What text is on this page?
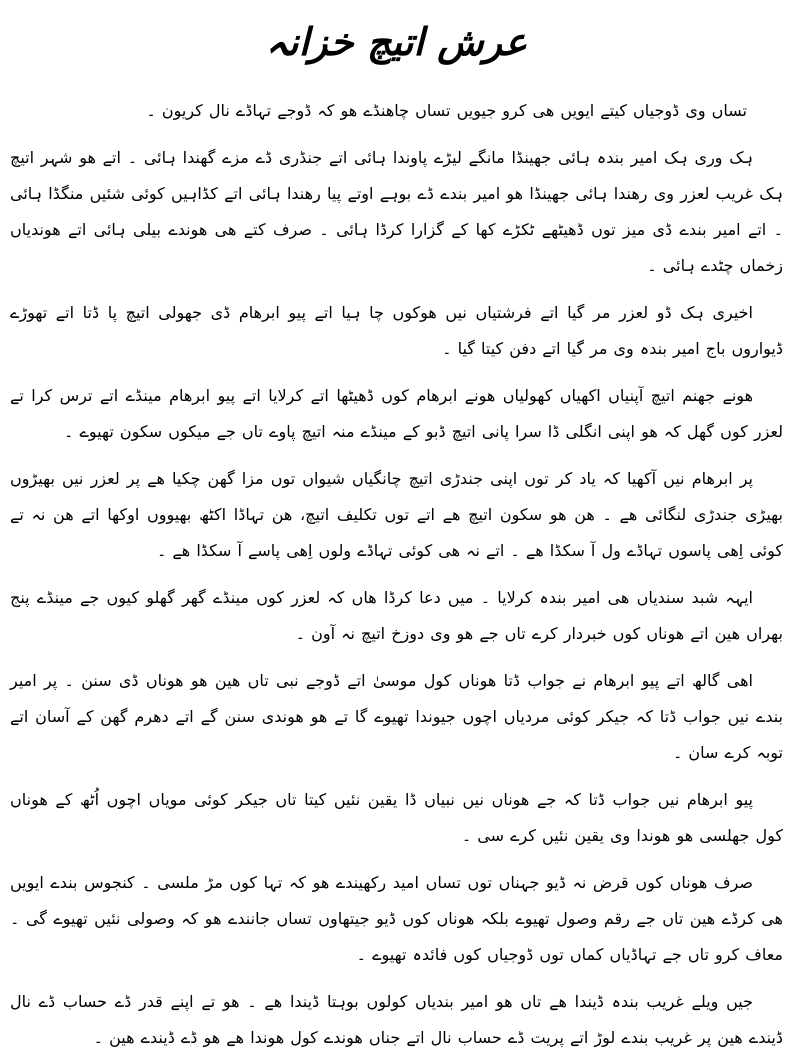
عرش اتیچ خزانہ

تساں وی ڈوجیاں کیتے ایویں ھی کرو جیویں تساں چاھنڈے ھو کہ ڈوجے تہاڈے نال کریون ۔

ہک وری ہک امیر بندہ ہائی جھینڈا مانگے لیڑے پاوندا ہائی اتے جنڈری ڈے مزے گھندا ہائی ۔ اتے ھو شہر اتیچ ہک غریب لعزر وی رھندا ہائی جھینڈا ھو امیر بندے ڈے بوہے اوتے پیا رھندا ہائی اتے کڈاہیں کوئی شئیں منگڈا ہائی ۔ اتے امیر بندے ڈی میز توں ڈھیٹھے ٹکڑے کھا کے گزارا کرڈا ہائی ۔ صرف کتے ھی ھوندے بیلی ہائی اتے ھوندیاں زخماں چٹدے ہائی ۔

اخیری ہک ڈو لعزر مر گیا اتے فرشتیاں نیں ھوکوں چا ہیا اتے پیو ابرھام ڈی جھولی اتیچ پا ڈتا اتے تھوڑے ڈیواروں باج امیر بندہ وی مر گیا اتے دفن کیتا گیا ۔

ھونے جھنم اتیچ آپنیاں اکھیاں کھولیاں ھونے ابرھام کوں ڈھیٹھا اتے کرلایا اتے پیو ابرھام مینڈے اتے ترس کرا تے لعزر کوں گھل کہ ھو اپنی انگلی ڈا سرا پانی اتیچ ڈبو کے مینڈے منہ اتیچ پاوے تاں جے میکوں سکون تھیوے ۔

پر ابرھام نیں آکھیا کہ یاد کر توں اپنی جندڑی اتیچ چانگیاں شیواں توں مزا گھن چکیا ھے پر لعزر نیں بھیڑوں بھیڑی جندڑی لنگائی ھے ۔ ھن ھو سکون اتیچ ھے اتے توں تکلیف اتیچ، ھن تہاڈا اکٹھ بھیووں اوکھا اتے ھن نہ تے کوئی اِھی پاسوں تہاڈے ول آ سکڈا ھے ۔ اتے نہ ھی کوئی تہاڈے ولوں اِھی پاسے آ سکڈا ھے ۔

ایہہ شبد سندیاں ھی امیر بندہ کرلایا ۔ میں دعا کرڈا ھاں کہ لعزر کوں مینڈے گھر گھلو کیوں جے مینڈے پنج بھراں ھین اتے ھوناں کوں خبردار کرے تاں جے ھو وی دوزخ اتیچ نہ آون ۔

اھی گالھ اتے پیو ابرھام نے جواب ڈتا ھوناں کول موسیٰ اتے ڈوجے نبی تاں ھین ھو ھوناں ڈی سنن ۔ پر امیر بندے نیں جواب ڈتا کہ جیکر کوئی مردیاں اچوں جیوندا تھیوے گا تے ھو ھوندی سنن گے اتے دھرم گھن کے آسان اتے توبہ کرے سان ۔

پیو ابرھام نیں جواب ڈتا کہ جے ھوناں نیں نبیاں ڈا یقین نئیں کیتا تاں جیکر کوئی مویاں اچوں اُٹھ کے ھوناں کول جھلسی ھو ھوندا وی یقین نئیں کرے سی ۔

صرف ھوناں کوں قرض نہ ڈیو جہناں توں تساں امید رکھیندے ھو کہ تہا کوں مڑ ملسی ۔ کنجوس بندے ایویں ھی کرڈے ھین تاں جے رقم وصول تھیوے بلکہ ھوناں کوں ڈیو جیتھاوں تساں جانندے ھو کہ وصولی نئیں تھیوے گی ۔ معاف کرو تاں جے تہاڈیاں کماں توں ڈوجیاں کوں فائدہ تھیوے ۔

جیں ویلے غریب بندہ ڈیندا ھے تاں ھو امیر بندیاں کولوں بوہتا ڈیندا ھے ۔ ھو تے اپنے قدر ڈے حساب ڈے نال ڈیندے ھین پر غریب بندے لوڑ اتے پریت ڈے حساب نال اتے جناں ھوندے کول ھوندا ھے ھو ڈے ڈیندے ھین ۔
